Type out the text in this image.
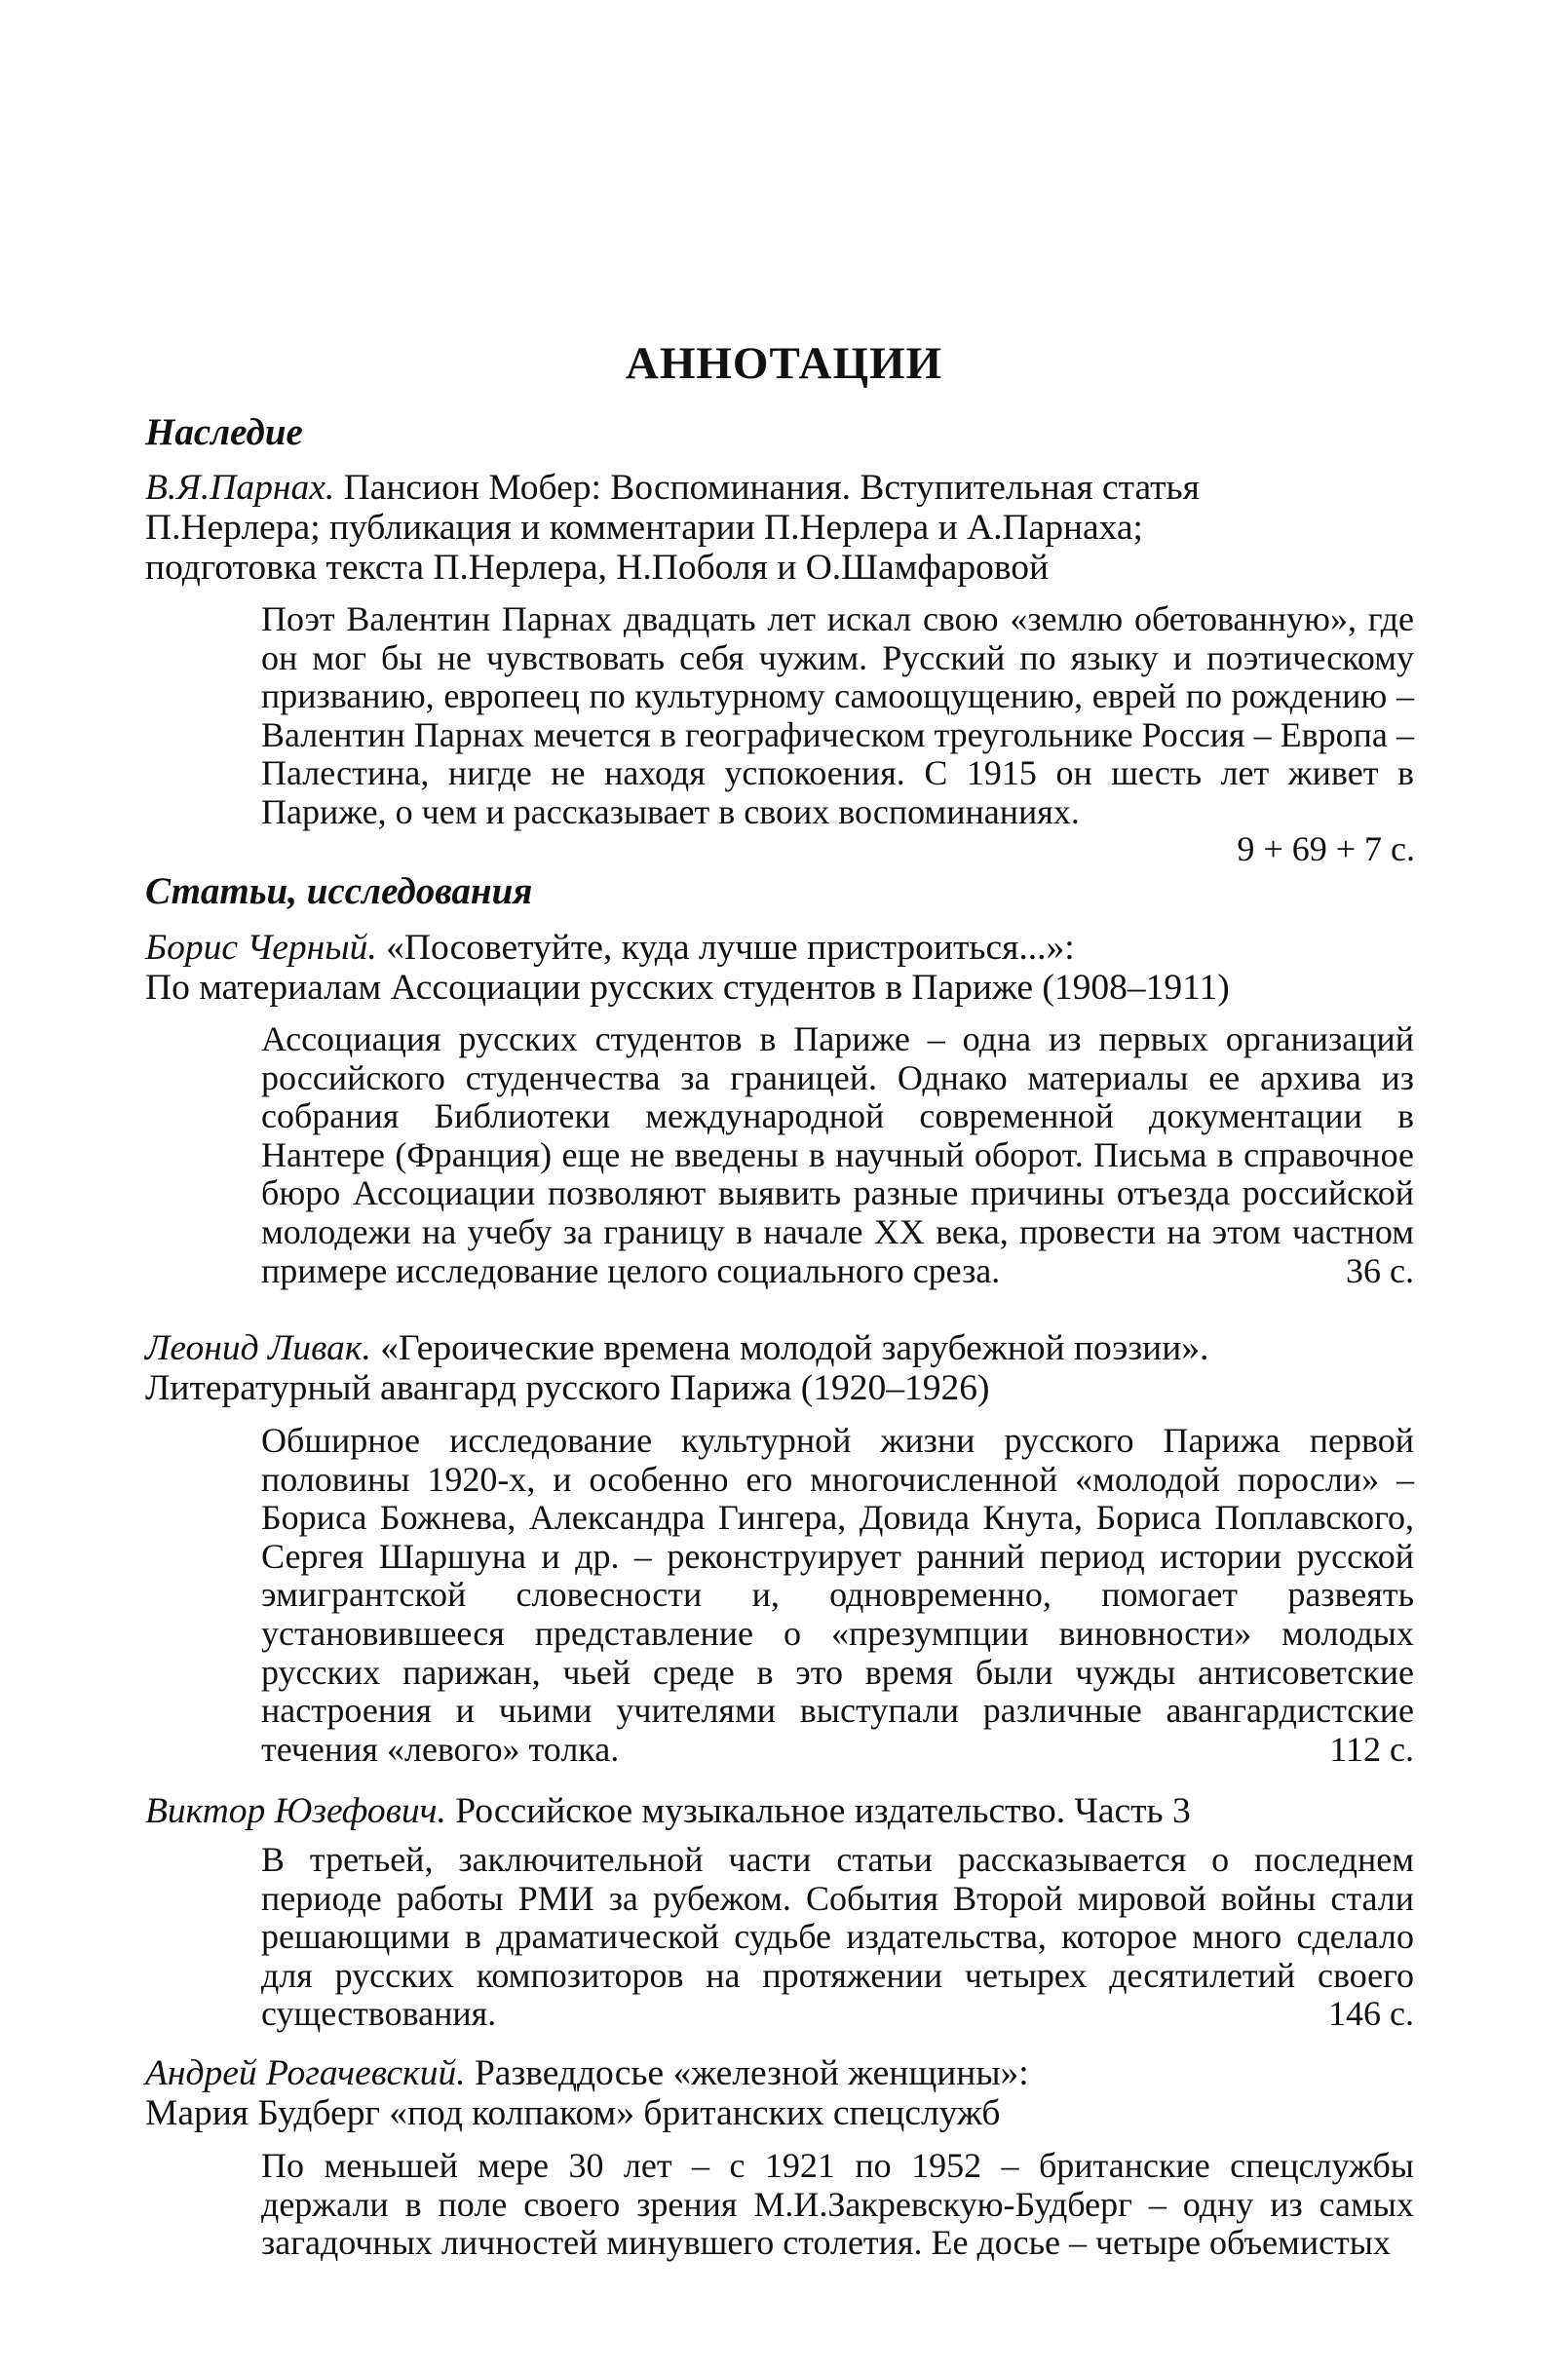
АННОТАЦИИ
Наследие
В.Я.Парнах. Пансион Мобер: Воспоминания. Вступительная статья
П.Нерлера; публикация и комментарии П.Нерлера и А.Парнаха;
подготовка текста П.Нерлера, Н.Поболя и О.Шамфаровой

Поэт Валентин Парнах двадцать лет искал свою «землю обетованную», где он мог бы не чувствовать себя чужим. Русский по языку и поэтическому призванию, европеец по культурному самоощущению, еврей по рождению – Валентин Парнах мечется в географическом треугольнике Россия – Европа – Палестина, нигде не находя успокоения. С 1915 он шесть лет живет в Париже, о чем и рассказывает в своих воспоминаниях.

9 + 69 + 7 с.
Статьи, исследования
Борис Черный. «Посоветуйте, куда лучше пристроиться...»:
По материалам Ассоциации русских студентов в Париже (1908–1911)

Ассоциация русских студентов в Париже – одна из первых организаций российского студенчества за границей. Однако материалы ее архива из собрания Библиотеки международной современной документации в Нантере (Франция) еще не введены в научный оборот. Письма в справочное бюро Ассоциации позволяют выявить разные причины отъезда российской молодежи на учебу за границу в начале XX века, провести на этом частном примере исследование целого социального среза.	36 с.

Леонид Ливак. «Героические времена молодой зарубежной поэзии».
Литературный авангард русского Парижа (1920–1926)

Обширное исследование культурной жизни русского Парижа первой половины 1920-х, и особенно его многочисленной «молодой поросли» – Бориса Божнева, Александра Гингера, Довида Кнута, Бориса Поплавского, Сергея Шаршуна и др. – реконструирует ранний период истории русской эмигрантской словесности и, одновременно, помогает развеять установившееся представление о «презумпции виновности» молодых русских парижан, чьей среде в это время были чужды антисоветские настроения и чьими учителями выступали различные авангардистские течения «левого» толка.	112 с.

Виктор Юзефович. Российское музыкальное издательство. Часть 3

В третьей, заключительной части статьи рассказывается о последнем периоде работы РМИ за рубежом. События Второй мировой войны стали решающими в драматической судьбе издательства, которое много сделало для русских композиторов на протяжении четырех десятилетий своего существования.	146 с.

Андрей Рогачевский. Разведдосье «железной женщины»:
Мария Будберг «под колпаком» британских спецслужб

По меньшей мере 30 лет – с 1921 по 1952 – британские спецслужбы держали в поле своего зрения М.И.Закревскую-Будберг – одну из самых загадочных личностей минувшего столетия. Ее досье – четыре объемистых
